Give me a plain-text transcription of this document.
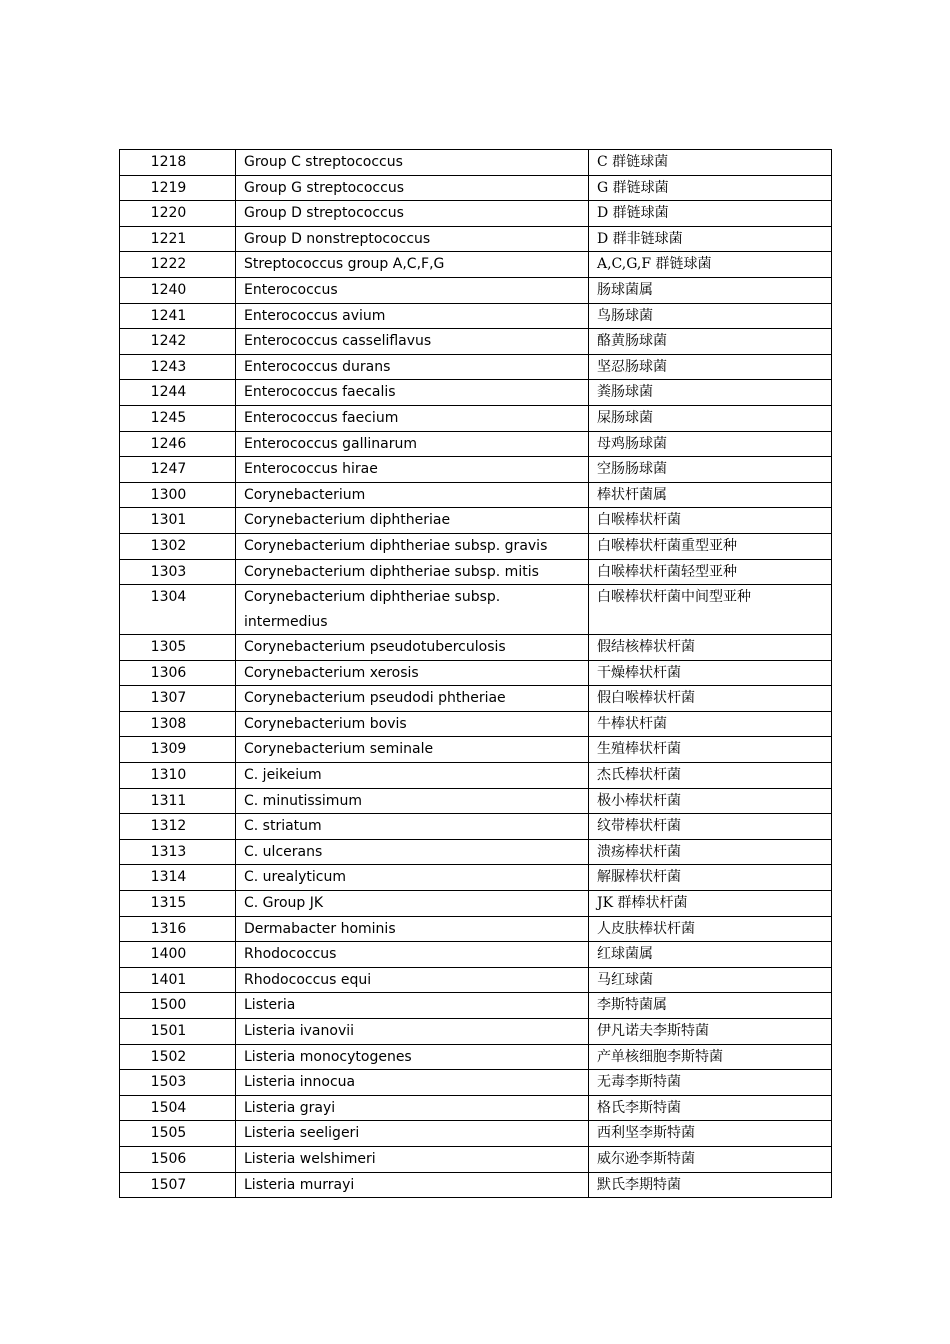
1218	Group C streptococcus	C 群链球菌
1219	Group G streptococcus	G 群链球菌
1220	Group D streptococcus	D 群链球菌
1221	Group D nonstreptococcus	D 群非链球菌
1222	Streptococcus group A,C,F,G	A,C,G,F 群链球菌
1240	Enterococcus	肠球菌属
1241	Enterococcus avium	鸟肠球菌
1242	Enterococcus casseliflavus	酪黄肠球菌
1243	Enterococcus durans	坚忍肠球菌
1244	Enterococcus faecalis	粪肠球菌
1245	Enterococcus faecium	屎肠球菌
1246	Enterococcus gallinarum	母鸡肠球菌
1247	Enterococcus hirae	空肠肠球菌
1300	Corynebacterium	棒状杆菌属
1301	Corynebacterium diphtheriae	白喉棒状杆菌
1302	Corynebacterium diphtheriae subsp. gravis	白喉棒状杆菌重型亚种
1303	Corynebacterium diphtheriae subsp. mitis	白喉棒状杆菌轻型亚种
1304	Corynebacterium diphtheriae subsp. intermedius	白喉棒状杆菌中间型亚种
1305	Corynebacterium pseudotuberculosis	假结核棒状杆菌
1306	Corynebacterium xerosis	干燥棒状杆菌
1307	Corynebacterium pseudodi phtheriae	假白喉棒状杆菌
1308	Corynebacterium bovis	牛棒状杆菌
1309	Corynebacterium seminale	生殖棒状杆菌
1310	C. jeikeium	杰氏棒状杆菌
1311	C. minutissimum	极小棒状杆菌
1312	C. striatum	纹带棒状杆菌
1313	C. ulcerans	溃疡棒状杆菌
1314	C. urealyticum	解脲棒状杆菌
1315	C. Group JK	JK 群棒状杆菌
1316	Dermabacter hominis	人皮肤棒状杆菌
1400	Rhodococcus	红球菌属
1401	Rhodococcus equi	马红球菌
1500	Listeria	李斯特菌属
1501	Listeria ivanovii	伊凡诺夫李斯特菌
1502	Listeria monocytogenes	产单核细胞李斯特菌
1503	Listeria innocua	无毒李斯特菌
1504	Listeria grayi	格氏李斯特菌
1505	Listeria seeligeri	西利坚李斯特菌
1506	Listeria welshimeri	威尔逊李斯特菌
1507	Listeria murrayi	默氏李期特菌
